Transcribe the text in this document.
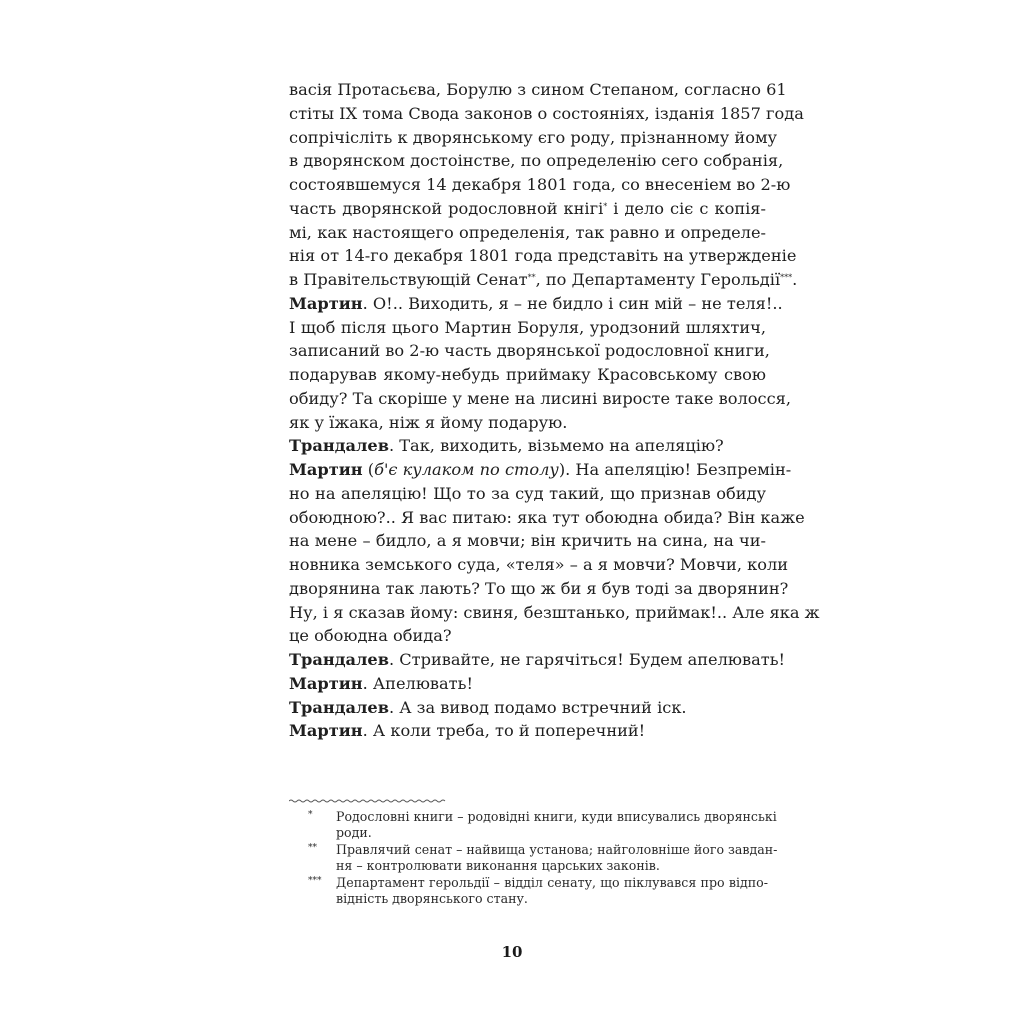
васія Протасьєва, Борулю з сином Степаном, согласно 61
стіты IX тома Свода законов о состояніях, ізданія 1857 года
сопрічісліть к дворянському єго роду, прізнанному йому
в дворянском достоінстве, по определенію сего собранія,
состоявшемуся 14 декабря 1801 года, со внесеніем во 2-ю
часть дворянской родословной кнігі* і дело сіє с копія-
мі, как настоящего определенія, так равно и определе-
нія от 14-го декабря 1801 года представіть на утвержденіе
в Правітельствующій Сенат**, по Департаменту Герольдії***.
Мартин. О!.. Виходить, я – не бидло і син мій – не теля!..
І щоб після цього Мартин Боруля, уродзоний шляхтич,
записаний во 2-ю часть дворянської родословної книги,
подарував якому-небудь приймаку Красовському свою
обиду? Та скоріше у мене на лисині виросте таке волосся,
як у їжака, ніж я йому подарую.
Трандалев. Так, виходить, візьмемо на апеляцію?
Мартин (б'є кулаком по столу). На апеляцію! Безпремін-
но на апеляцію! Що то за суд такий, що признав обиду
обоюдною?.. Я вас питаю: яка тут обоюдна обида? Він каже
на мене – бидло, а я мовчи; він кричить на сина, на чи-
новника земського суда, «теля» – а я мовчи? Мовчи, коли
дворянина так лають? То що ж би я був тоді за дворянин?
Ну, і я сказав йому: свиня, безштанько, приймак!.. Але яка ж
це обоюдна обида?
Трандалев. Стривайте, не гарячіться! Будем апелювать!
Мартин. Апелювать!
Трандалев. А за вивод подамо встречний іск.
Мартин. А коли треба, то й поперечний!
* Родословні книги – родовідні книги, куди вписувались дворянські
роди.
** Правлячий сенат – найвища установа; найголовніше його завдан-
ня – контролювати виконання царських законів.
*** Департамент герольдії – відділ сенату, що піклувався про відпо-
відність дворянського стану.
10
